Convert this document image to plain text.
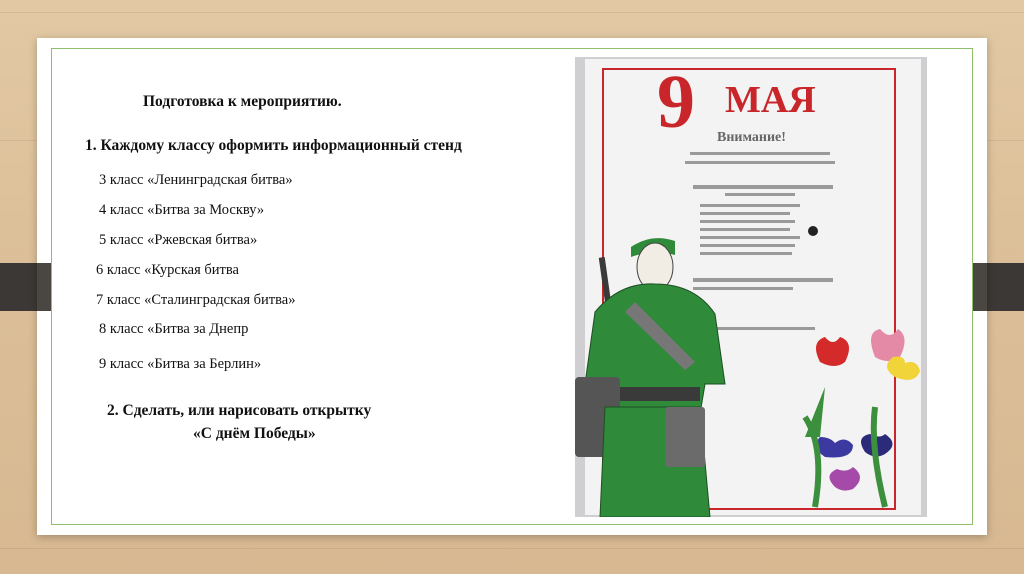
Подготовка к мероприятию.
1. Каждому классу оформить информационный стенд
3 класс «Ленинградская битва»
4 класс «Битва за Москву»
5 класс «Ржевская битва»
6 класс «Курская битва
7 класс «Сталинградская битва»
8 класс «Битва за Днепр
9 класс «Битва за Берлин»
2. Сделать, или нарисовать открытку
«С днём Победы»
9 МАЯ
Внимание!
